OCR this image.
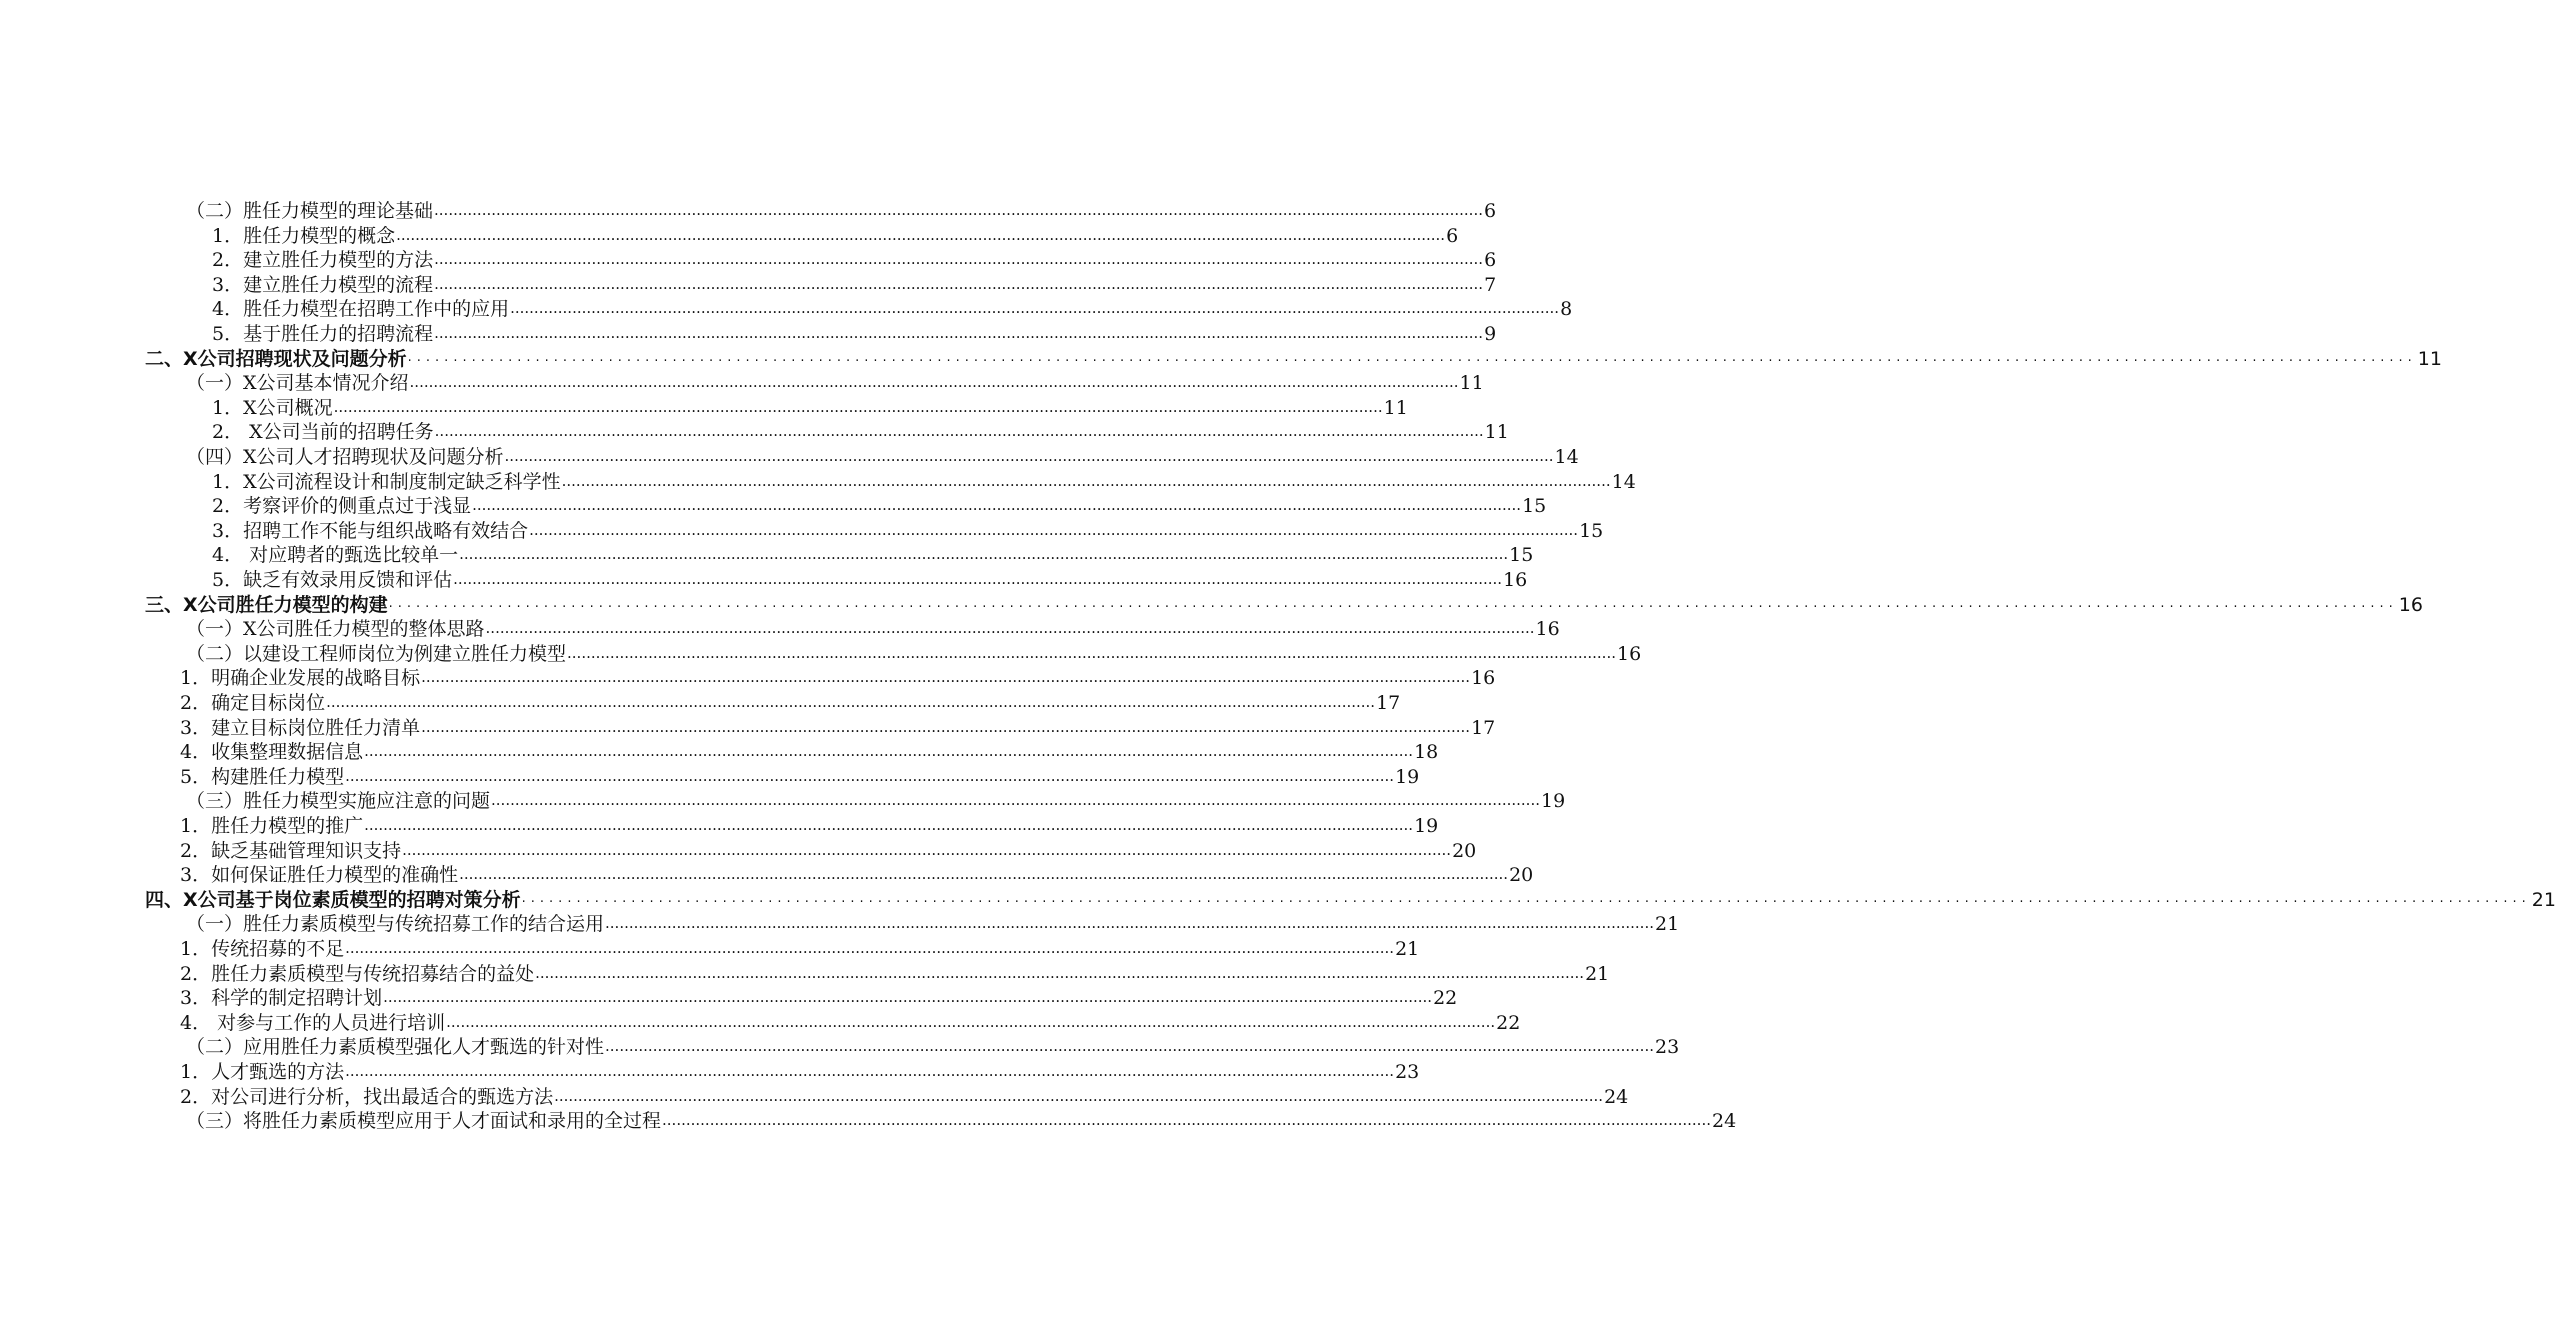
（二）胜任力模型的理论基础 ............................................................................................................................................................................................................................ 6
1．胜任力模型的概念 ............................................................................................................................................................................................................................ 6
2．建立胜任力模型的方法 ............................................................................................................................................................................................................................ 6
3．建立胜任力模型的流程 ............................................................................................................................................................................................................................ 7
4．胜任力模型在招聘工作中的应用 ............................................................................................................................................................................................................................ 8
5．基于胜任力的招聘流程 ............................................................................................................................................................................................................................ 9
二、X公司招聘现状及问题分析 ............................................................................................................................................................................................................................ 11
（一）X公司基本情况介绍 ............................................................................................................................................................................................................................ 11
1．X公司概况 ............................................................................................................................................................................................................................ 11
2． X公司当前的招聘任务 ............................................................................................................................................................................................................................ 11
（四）X公司人才招聘现状及问题分析 ............................................................................................................................................................................................................................ 14
1．X公司流程设计和制度制定缺乏科学性 ............................................................................................................................................................................................................................ 14
2．考察评价的侧重点过于浅显 ............................................................................................................................................................................................................................ 15
3．招聘工作不能与组织战略有效结合 ............................................................................................................................................................................................................................ 15
4． 对应聘者的甄选比较单一 ............................................................................................................................................................................................................................ 15
5．缺乏有效录用反馈和评估 ............................................................................................................................................................................................................................ 16
三、X公司胜任力模型的构建 ............................................................................................................................................................................................................................ 16
（一）X公司胜任力模型的整体思路 ............................................................................................................................................................................................................................ 16
（二）以建设工程师岗位为例建立胜任力模型 ............................................................................................................................................................................................................................ 16
1．明确企业发展的战略目标 ............................................................................................................................................................................................................................ 16
2．确定目标岗位 ............................................................................................................................................................................................................................ 17
3．建立目标岗位胜任力清单 ............................................................................................................................................................................................................................ 17
4．收集整理数据信息 ............................................................................................................................................................................................................................ 18
5．构建胜任力模型 ............................................................................................................................................................................................................................ 19
（三）胜任力模型实施应注意的问题 ............................................................................................................................................................................................................................ 19
1．胜任力模型的推广 ............................................................................................................................................................................................................................ 19
2．缺乏基础管理知识支持 ............................................................................................................................................................................................................................ 20
3．如何保证胜任力模型的准确性 ............................................................................................................................................................................................................................ 20
四、X公司基于岗位素质模型的招聘对策分析 ............................................................................................................................................................................................................................ 21
（一）胜任力素质模型与传统招募工作的结合运用 ............................................................................................................................................................................................................................ 21
1．传统招募的不足 ............................................................................................................................................................................................................................ 21
2．胜任力素质模型与传统招募结合的益处 ............................................................................................................................................................................................................................ 21
3．科学的制定招聘计划 ............................................................................................................................................................................................................................ 22
4． 对参与工作的人员进行培训 ............................................................................................................................................................................................................................ 22
（二）应用胜任力素质模型强化人才甄选的针对性 ............................................................................................................................................................................................................................ 23
1．人才甄选的方法 ............................................................................................................................................................................................................................ 23
2．对公司进行分析，找出最适合的甄选方法 ............................................................................................................................................................................................................................ 24
（三）将胜任力素质模型应用于人才面试和录用的全过程 ............................................................................................................................................................................................................................ 24
